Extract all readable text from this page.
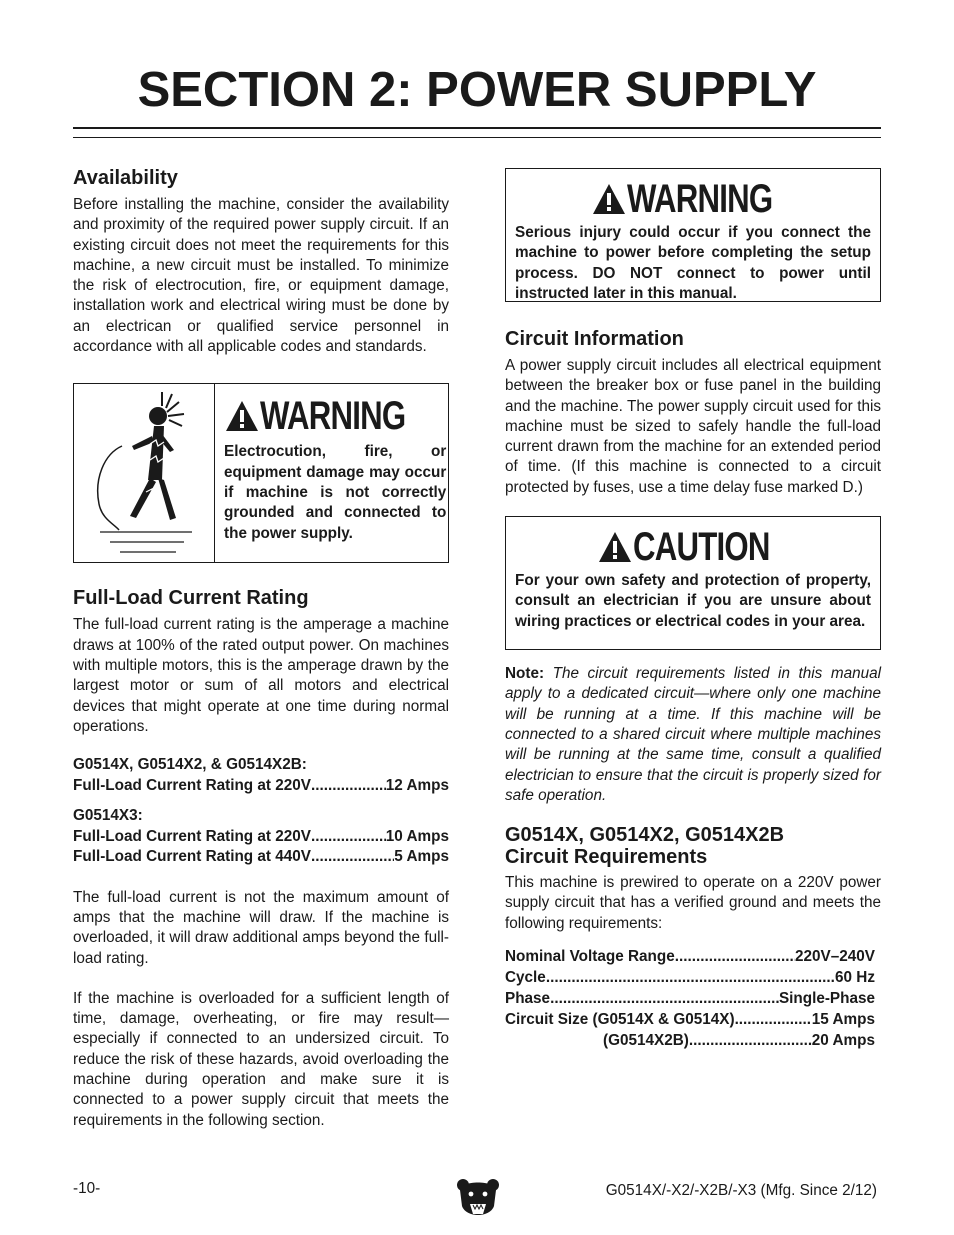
SECTION 2: POWER SUPPLY
Availability

Before installing the machine, consider the availability and proximity of the required power supply circuit. If an existing circuit does not meet the requirements for this machine, a new circuit must be installed. To minimize the risk of electrocution, fire, or equipment damage, installation work and electrical wiring must be done by an electrican or qualified service personnel in accordance with all applicable codes and standards.

WARNING

Electrocution, fire, or equipment damage may occur if machine is not correctly grounded and connected to the power supply.

Full-Load Current Rating

The full-load current rating is the amperage a machine draws at 100% of the rated output power. On machines with multiple motors, this is the amperage drawn by the largest motor or sum of all motors and electrical devices that might operate at one time during normal operations.

G0514X, G0514X2, & G0514X2B:
Full-Load Current Rating at 220V .....	12 Amps
G0514X3:
Full-Load Current Rating at 220V .....	10 Amps
Full-Load Current Rating at 440V .....	5 Amps

The full-load current is not the maximum amount of amps that the machine will draw. If the machine is overloaded, it will draw additional amps beyond the full-load rating.

If the machine is overloaded for a sufficient length of time, damage, overheating, or fire may result—especially if connected to an undersized circuit. To reduce the risk of these hazards, avoid overloading the machine during operation and make sure it is connected to a power supply circuit that meets the requirements in the following section.

WARNING

Serious injury could occur if you connect the machine to power before completing the setup process. DO NOT connect to power until instructed later in this manual.

Circuit Information

A power supply circuit includes all electrical equipment between the breaker box or fuse panel in the building and the machine. The power supply circuit used for this machine must be sized to safely handle the full-load current drawn from the machine for an extended period of time. (If this machine is connected to a circuit protected by fuses, use a time delay fuse marked D.)

CAUTION

For your own safety and protection of property, consult an electrician if you are unsure about wiring practices or electrical codes in your area.

Note: The circuit requirements listed in this manual apply to a dedicated circuit—where only one machine will be running at a time. If this machine will be connected to a shared circuit where multiple machines will be running at the same time, consult a qualified electrician to ensure that the circuit is properly sized for safe operation.

G0514X, G0514X2, G0514X2B
Circuit Requirements

This machine is prewired to operate on a 220V power supply circuit that has a verified ground and meets the following requirements:

Nominal Voltage Range .....	220V–240V
Cycle .....	60 Hz
Phase .....	Single-Phase
Circuit Size (G0514X & G0514X) .....	15 Amps
(G0514X2B) .....	20 Amps
-10-	G0514X/-X2/-X2B/-X3 (Mfg. Since 2/12)
